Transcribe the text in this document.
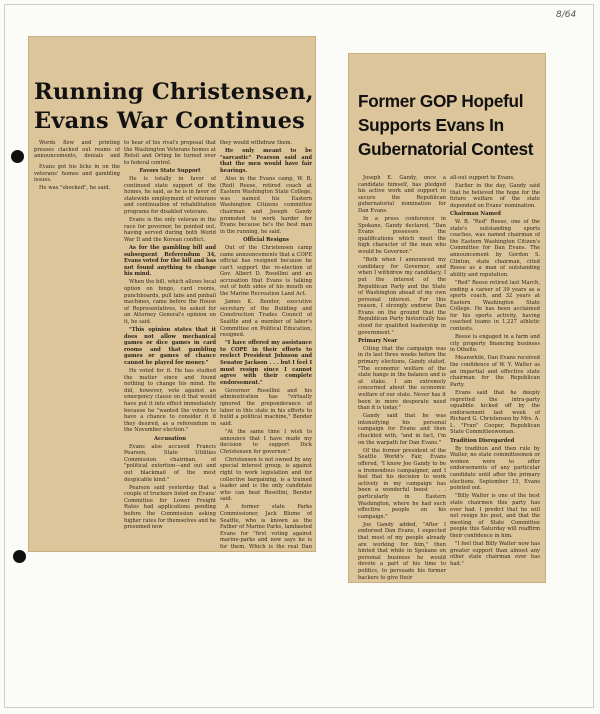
8/64
Running Christensen,
Evans War Continues

Words flew and printing presses clacked out reams of announcements, denials and

Evans got his licks in on the veterans' homes and gambling issues.

He was "shocked", he said,

to hear of his rival's proposal that the Washington Veterans homes at Retsil and Orting be turned over to federal control.

Favors State Support

He is totally in favor of continued state support of the homes, he said, as he is in favor of statewide employment of veterans and continuation of rehabilitation programs for disabled veterans.

Evans is the only veteran in the race for governor, he pointed out, having served during both World War II and the Korean conflict.

As for the gambling bill and subsequent Referendum 34, Evans voted for the bill and has not found anything to change his mind.

When the bill, which allows local option on bingo, card rooms, punchboards, pull tabs and pinball machines, came before the House of Representatives, he asked for an Attorney General's opinion on it, he said.

"This opinion states that it does not allow mechanical games or dice games in card rooms and that gambling games or games of chance cannot be played for money."

He voted for it. He has studied the matter since and found nothing to change his mind. He did, however, vote against an emergency clause on it that would have put it into effect immediately because he "wanted the voters to have a chance to consider it if they desired, as a referendum in the November election."

Accusation

Evans also accused Francis Pearson, State Utilities Commission chairman, of "political extortion—and out and out blackmail of the most despicable kind."

Pearson said yesterday that a couple of truckers listed on Evans' Committee for Lower Freight Rates had applications pending before the Commission asking higher rates for themselves and he presumed now

they would withdraw them.

He only meant to be "sarcastic" Pearson said and that the men would have fair hearings.

Also in the Evans camp, W. B. (Red) Reese, retired coach at Eastern Washington State College, was named his Eastern Washington Citizens committee chairman and Joseph Gandy promoted to work harder for Evans because he's the best man in the running, he said.

Official Resigns

Out of the Christensen camp came announcements that a COPE official has resigned because he can't support the re-election of Gov. Albert D. Rosellini and an accusation that Evans is talking out of both sides of his mouth on the Marine Recreation Land Act.

James K. Bender, executive secretary of the Building and Construction Trades Council of Seattle and a member of labor's Committee on Political Education, resigned.

"I have offered my assistance to COPE in their efforts to reelect President Johnson and Senator Jackson . . . but I feel I must resign since I cannot agree with their complete endorsement."

Governor Rosellini and his administration has "virtually ignored the preponderance of labor in this state in his efforts to build a political machine," Bender said.

"At the same time I wish to announce that I have made my decision to support Dick Christensen for governor."

Christensen is not owned by any special interest group, is against right to work legislation and for collective bargaining, is a trained leader and is the only candidate who can beat Rosellini, Bender said.

A former state Parks Commissioner, Jack Blume of Seattle, who is known as the Father of Marine Parks, lambasted Evans for "first voting against marine-parks and now says he is for them. Which is the real Dan

Former GOP Hopeful
Supports Evans In
Gubernatorial Contest

Joseph E. Gandy, once a candidate himself, has pledged his active work and support to secure the Republican gubernatorial nomination for Dan Evans.

In a press conference in Spokane, Gandy declared, "Dan Evans possesses the qualifications which meet the high character of the man who would be Governor."

"Both when I announced my candidacy for Governor, and when I withdrew my candidacy, I put the interest of the Republican Party and the State of Washington ahead of my own personal interest. For this reason, I strongly endorse Dan Evans on the ground that the Republican Party historically has stood for qualified leadership in government."

Primary Near

Citing that the campaign was in its last three weeks before the primary elections, Gandy stated, "The economic welfare of the state hangs in the balance and is at stake. I am extremely concerned about the economic welfare of our state. Never has it been in more desperate need than it is today."

Gandy said that he was intensifying his personal campaign for Evans and then chuckled with, "and in fact, I'm on the warpath for Dan Evans."

Of the former president of the Seattle World's Fair, Evans offered, "I know Joe Gandy to be a tremendous campaigner, and I feel that his decision to work actively in my campaign has been a wonderful boost . . . particularly in Eastern Washington, where he had such effective people on his campaign."

Joe Gandy added, "After I endorsed Dan Evans, I expected that most of my people already are working for him," then hinted that while in Spokane on personal business he would devote a part of his time to politics, to persuade his former backers to give their

all-out support to Evans.

Earlier in the day, Gandy said that he believed the hope for the future welfare of the state depended on Evans' nomination.

Chairman Named

W. B. "Red" Reese, one of the state's outstanding sports coaches, was named chairman of the Eastern Washington Citizen's Committee for Dan Evans. The announcement by Gordon S. Clinton, state chairman, cited Reese as a man of outstanding ability and reputation.

"Red" Reese retired last March, ending a career of 39 years as a sports coach, and 32 years at Eastern Washington State College. He has been acclaimed for his sports activity, having coached teams in 1,227 athletic contests.

Reese is engaged in a farm and city property financing business in Othello.

Meanwhile, Dan Evans received the confidence of W. Y. Walter as an impartial and effective state chairman for the Republican Party.

Evans said that he deeply regretted the intra-party squabble kicked off by the endorsement last week of Richard G. Christensen by Mrs. A. L. "Fran" Cooper, Republican State Committeewoman.

Tradition Disregarded

By tradition and then rule by Walter, no state committeemen or women were to offer endorsements of any particular candidate until after the primary elections, September 15, Evans pointed out.

"Billy Walter is one of the best state chairmen this party has ever had. I predict that he will not resign his post, and that the meeting of State Committee people this Saturday will reaffirm their confidence in him.

"I feel that Billy Walter now has greater support than almost any other state chairman ever has had."
